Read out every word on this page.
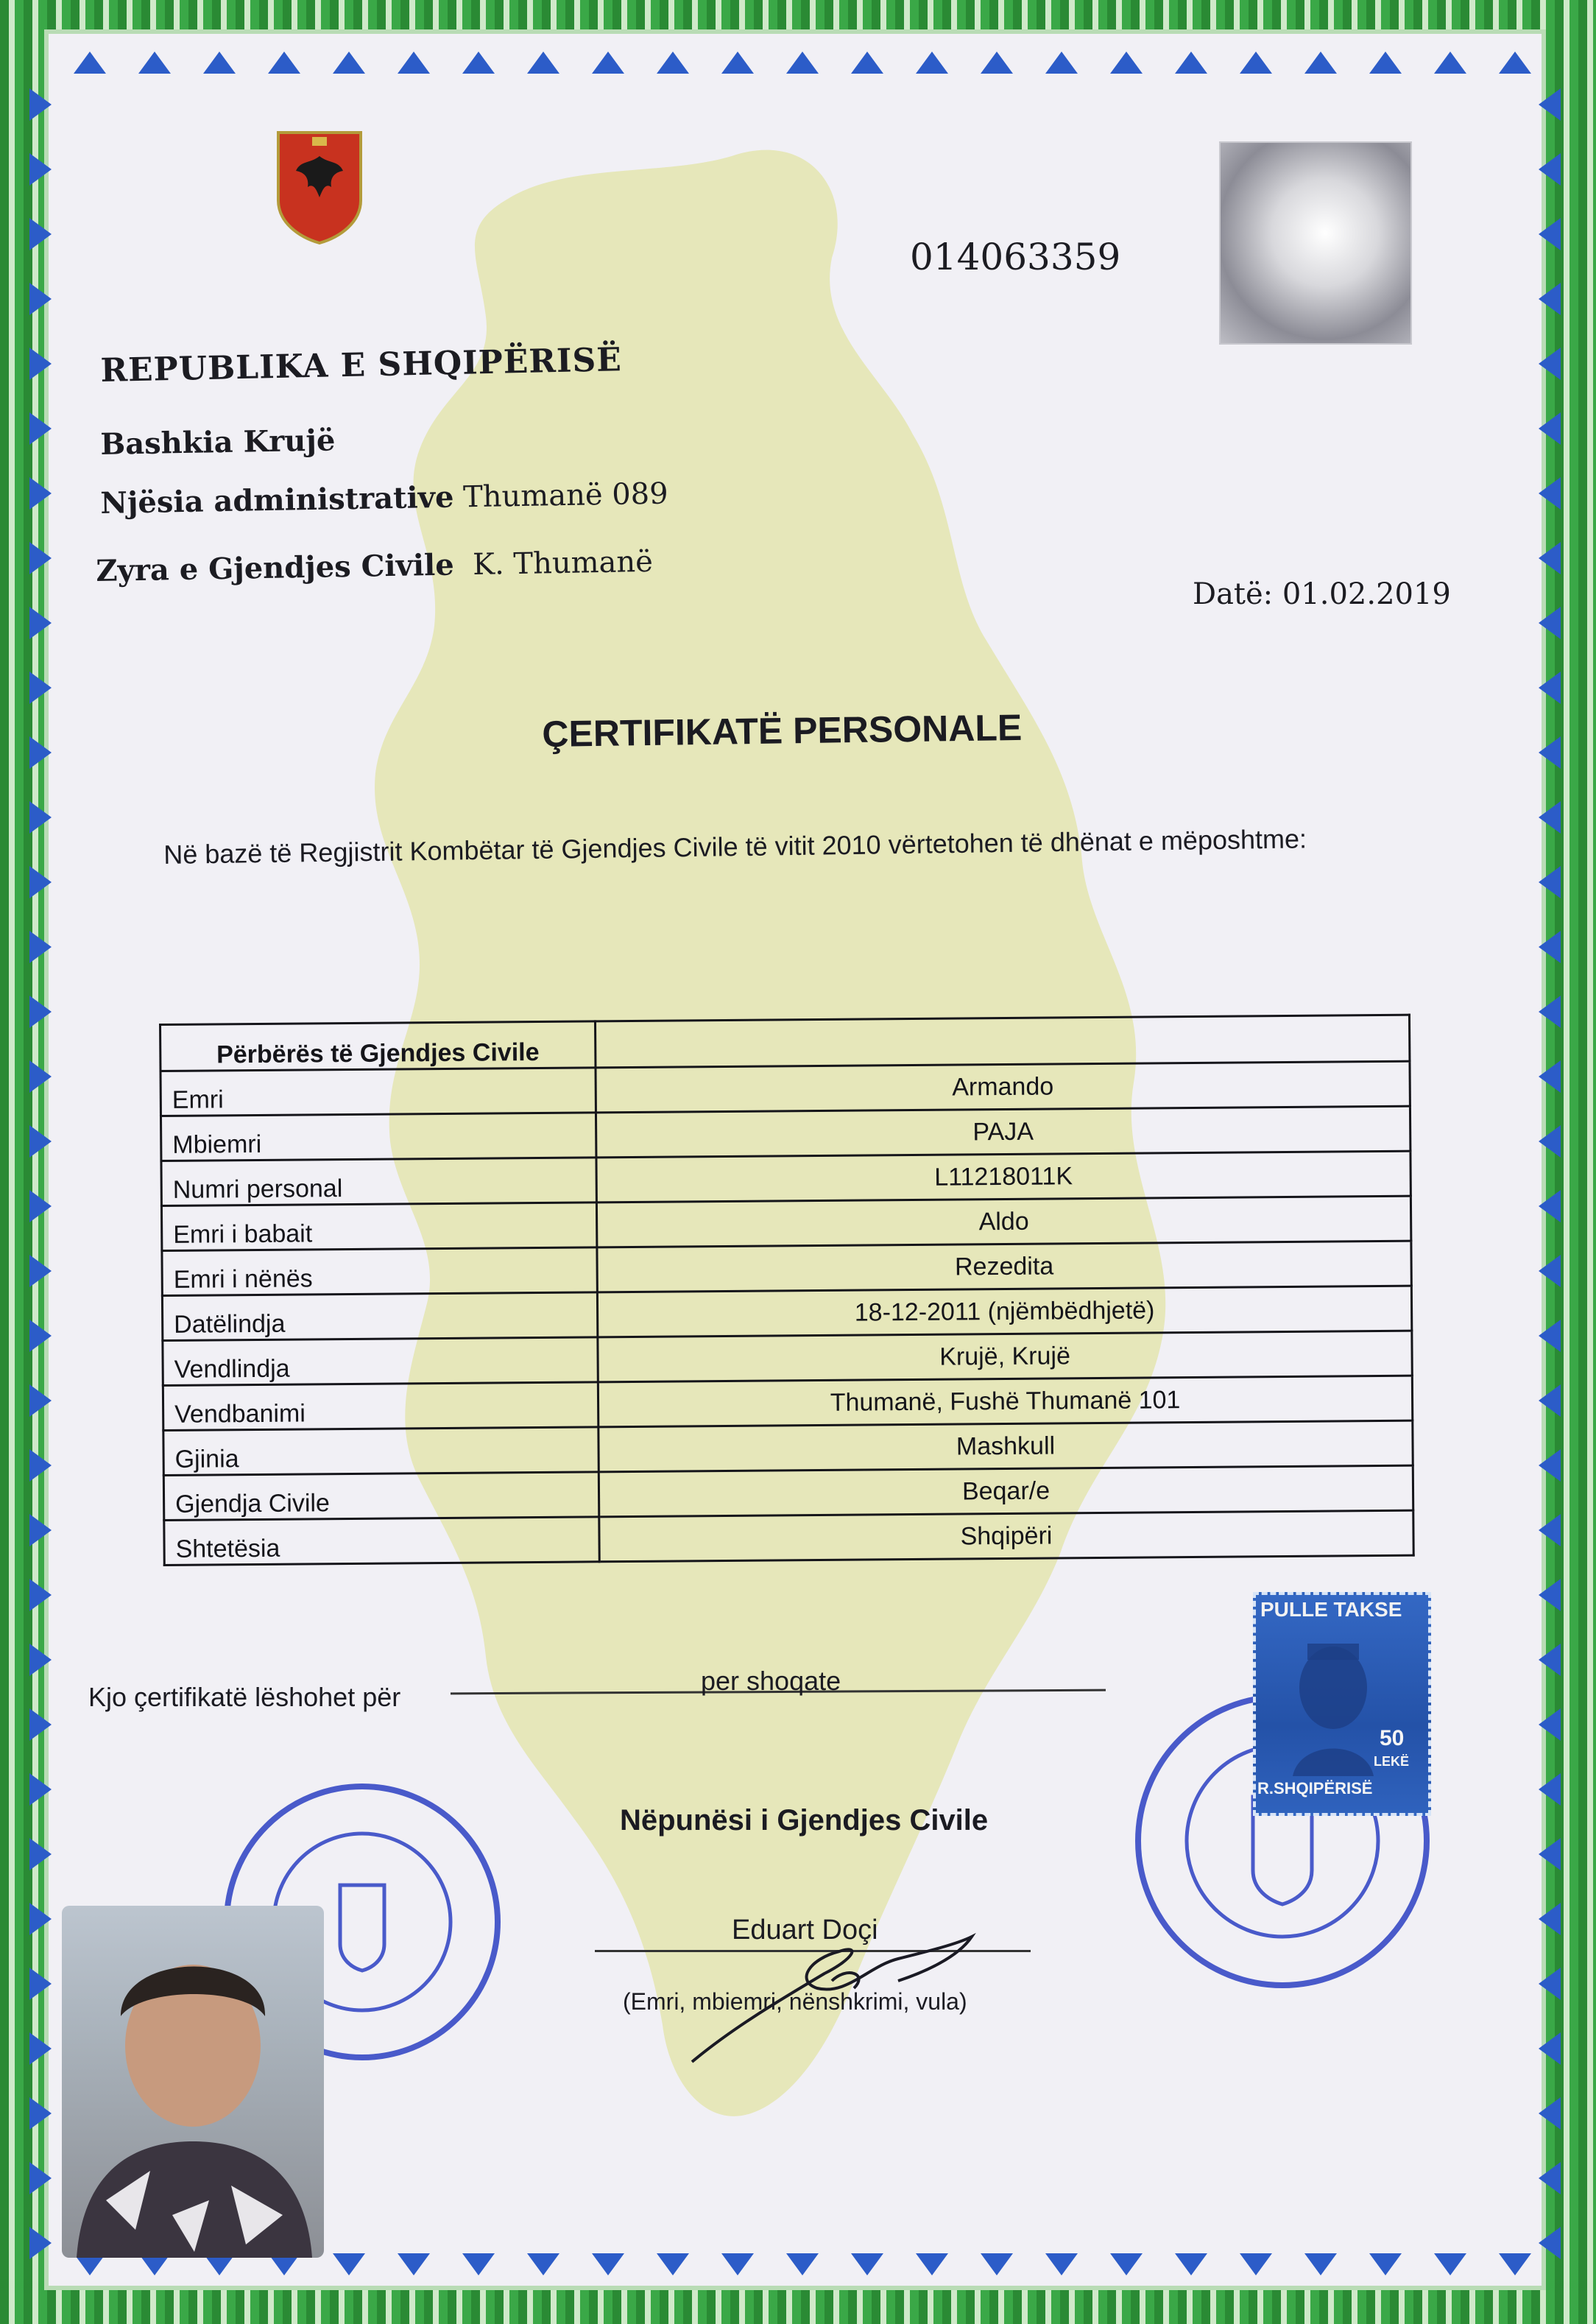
014063359
REPUBLIKA E SHQIPËRISË
Bashkia Krujë
Njësia administrative Thumanë 089
Zyra e Gjendjes Civile K. Thumanë
Datë: 01.02.2019
ÇERTIFIKATË PERSONALE
Në bazë të Regjistrit Kombëtar të Gjendjes Civile të vitit 2010 vërtetohen të dhënat e mëposhtme:
Përbërës të Gjendjes Civile	
Emri	Armando
Mbiemri	PAJA
Numri personal	L11218011K
Emri i babait	Aldo
Emri i nënës	Rezedita
Datëlindja	18-12-2011 (njëmbëdhjetë)
Vendlindja	Krujë, Krujë
Vendbanimi	Thumanë, Fushë Thumanë 101
Gjinia	Mashkull
Gjendja Civile	Beqar/e
Shtetësia	Shqipëri
Kjo çertifikatë lëshohet për
per shoqate
Nëpunësi i Gjendjes Civile
Eduart Doçi
(Emri, mbiemri, nënshkrimi, vula)
PULLE TAKSE
50
LEKË
R.SHQIPËRISË
